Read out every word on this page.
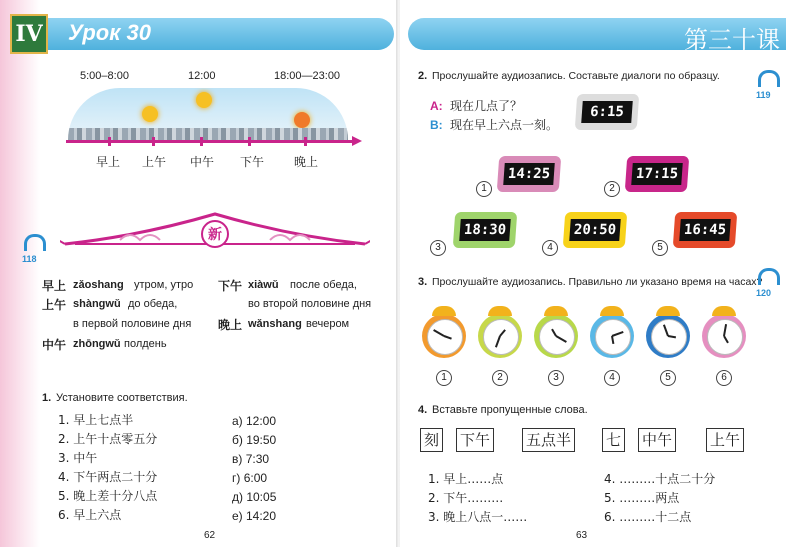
IV Урок 30
5:00–8:00	12:00	18:00—23:00
早上 上午 中午 下午 晚上
新
118
早上 zǎoshang утром, утро
上午 shàngwǔ до обеда,
в первой половине дня
中午 zhōngwǔ полдень
下午 xiàwǔ после обеда,
во второй половине дня
晚上 wǎnshang вечером
1. Установите соответствия.
1. 早上七点半
2. 上午十点零五分
3. 中午
4. 下午两点二十分
5. 晚上差十分八点
6. 早上六点
а) 12:00
б) 19:50
в) 7:30
г) 6:00
д) 10:05
е) 14:20
62
第三十课
2. Прослушайте аудиозапись. Составьте диалоги по образцу.
119
A: 现在几点了？
B: 现在早上六点一刻。
6:15
1
14:25
2
17:15
3
18:30
4
20:50
5
16:45
3. Прослушайте аудиозапись. Правильно ли указано время на часах?
120
1	2	3	4	5	6
4. Вставьте пропущенные слова.
刻 下午 五点半 七 中午	上午
1. 早上……点
2. 下午………
3. 晚上八点一……
4. ………十点二十分
5. ………两点
6. ………十二点
63
